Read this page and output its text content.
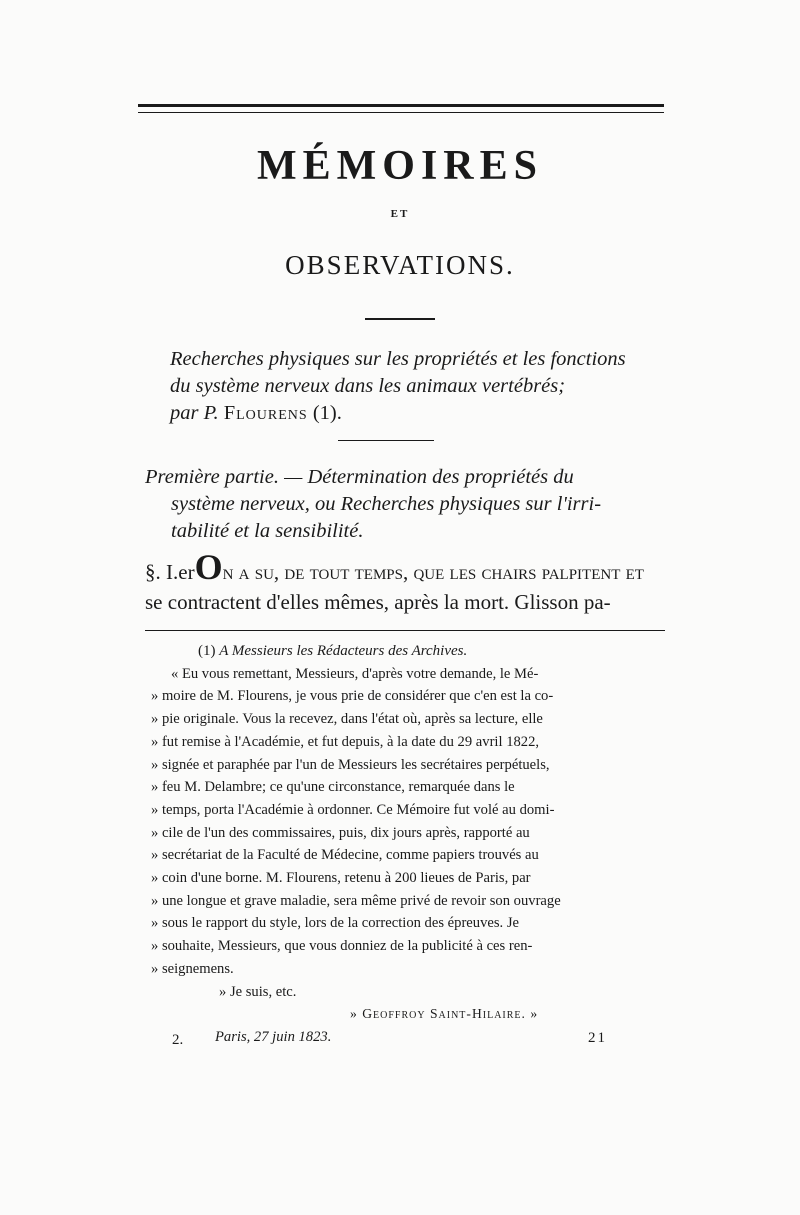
MÉMOIRES
ET
OBSERVATIONS.
Recherches physiques sur les propriétés et les fonctions
du système nerveux dans les animaux vertébrés;
par P. Flourens (1).
Première partie. — Détermination des propriétés du
système nerveux, ou Recherches physiques sur l'irri-
tabilité et la sensibilité.
§. I.erOn a su, de tout temps, que les chairs palpitent et
se contractent d'elles mêmes, après la mort. Glisson pa-
(1) A Messieurs les Rédacteurs des Archives.
« Eu vous remettant, Messieurs, d'après votre demande, le Mé-
» moire de M. Flourens, je vous prie de considérer que c'en est la co-
» pie originale. Vous la recevez, dans l'état où, après sa lecture, elle
» fut remise à l'Académie, et fut depuis, à la date du 29 avril 1822,
» signée et paraphée par l'un de Messieurs les secrétaires perpétuels,
» feu M. Delambre; ce qu'une circonstance, remarquée dans le
» temps, porta l'Académie à ordonner. Ce Mémoire fut volé au domi-
» cile de l'un des commissaires, puis, dix jours après, rapporté au
» secrétariat de la Faculté de Médecine, comme papiers trouvés au
» coin d'une borne. M. Flourens, retenu à 200 lieues de Paris, par
» une longue et grave maladie, sera même privé de revoir son ouvrage
» sous le rapport du style, lors de la correction des épreuves. Je
» souhaite, Messieurs, que vous donniez de la publicité à ces ren-
» seignemens.
» Je suis, etc.
» Geoffroy Saint-Hilaire. »
Paris, 27 juin 1823.
2.	21
